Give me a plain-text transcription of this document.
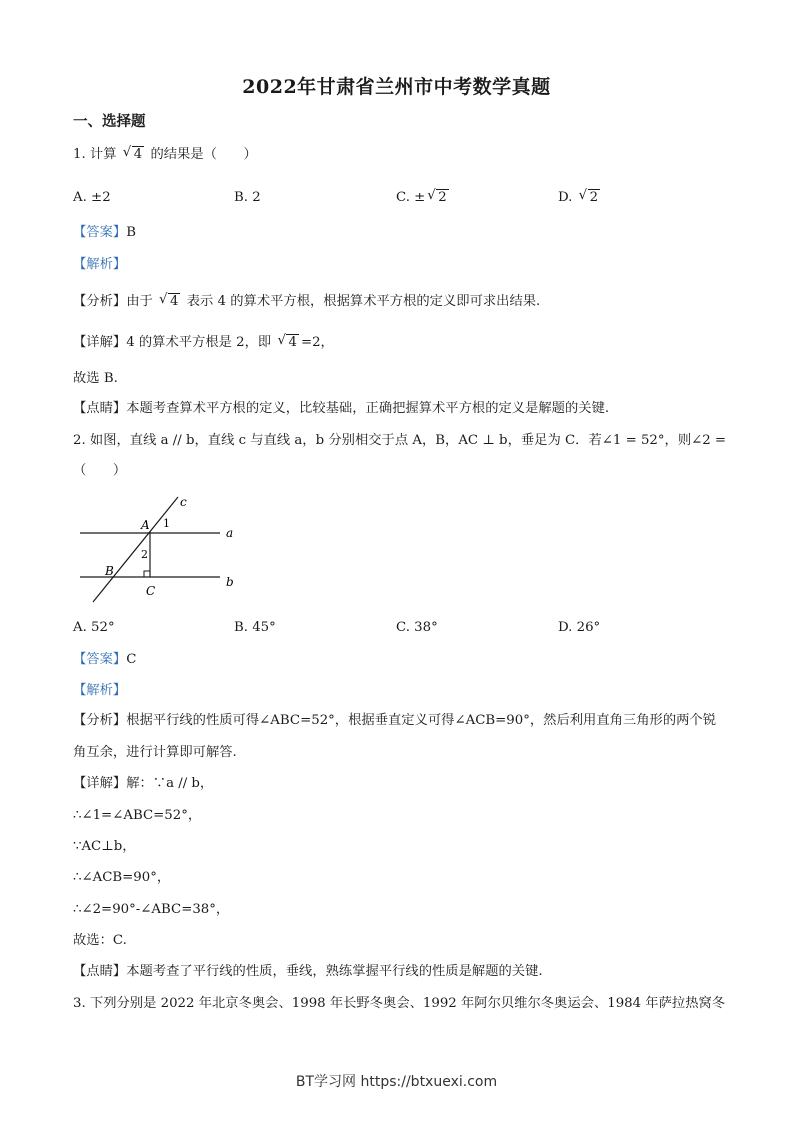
2022年甘肃省兰州市中考数学真题
一、选择题
1. 计算 √ 4 的结果是（　　）
A. ±2	B. 2	C. ± √ 2	D. √ 2
【答案】B
【解析】
【分析】由于 √ 4 表示 4 的算术平方根，根据算术平方根的定义即可求出结果.
【详解】4 的算术平方根是 2，即 √ 4 =2，
故选 B.
【点睛】本题考查算术平方根的定义，比较基础，正确把握算术平方根的定义是解题的关键.
2. 如图，直线 a // b，直线 c 与直线 a，b 分别相交于点 A，B，AC ⊥ b，垂足为 C．若∠1 = 52°，则∠2 =
（　　）
c
a
b
A
B
C
1
2
A. 52°	B. 45°	C. 38°	D. 26°
【答案】C
【解析】
【分析】根据平行线的性质可得∠ABC=52°，根据垂直定义可得∠ACB=90°，然后利用直角三角形的两个锐
角互余，进行计算即可解答.
【详解】解：∵a // b，
∴∠1=∠ABC=52°，
∵AC⊥b，
∴∠ACB=90°，
∴∠2=90°-∠ABC=38°，
故选：C.
【点睛】本题考查了平行线的性质，垂线，熟练掌握平行线的性质是解题的关键.
3. 下列分别是 2022 年北京冬奥会、1998 年长野冬奥会、1992 年阿尔贝维尔冬奥运会、1984 年萨拉热窝冬
BT学习网 https://btxuexi.com
